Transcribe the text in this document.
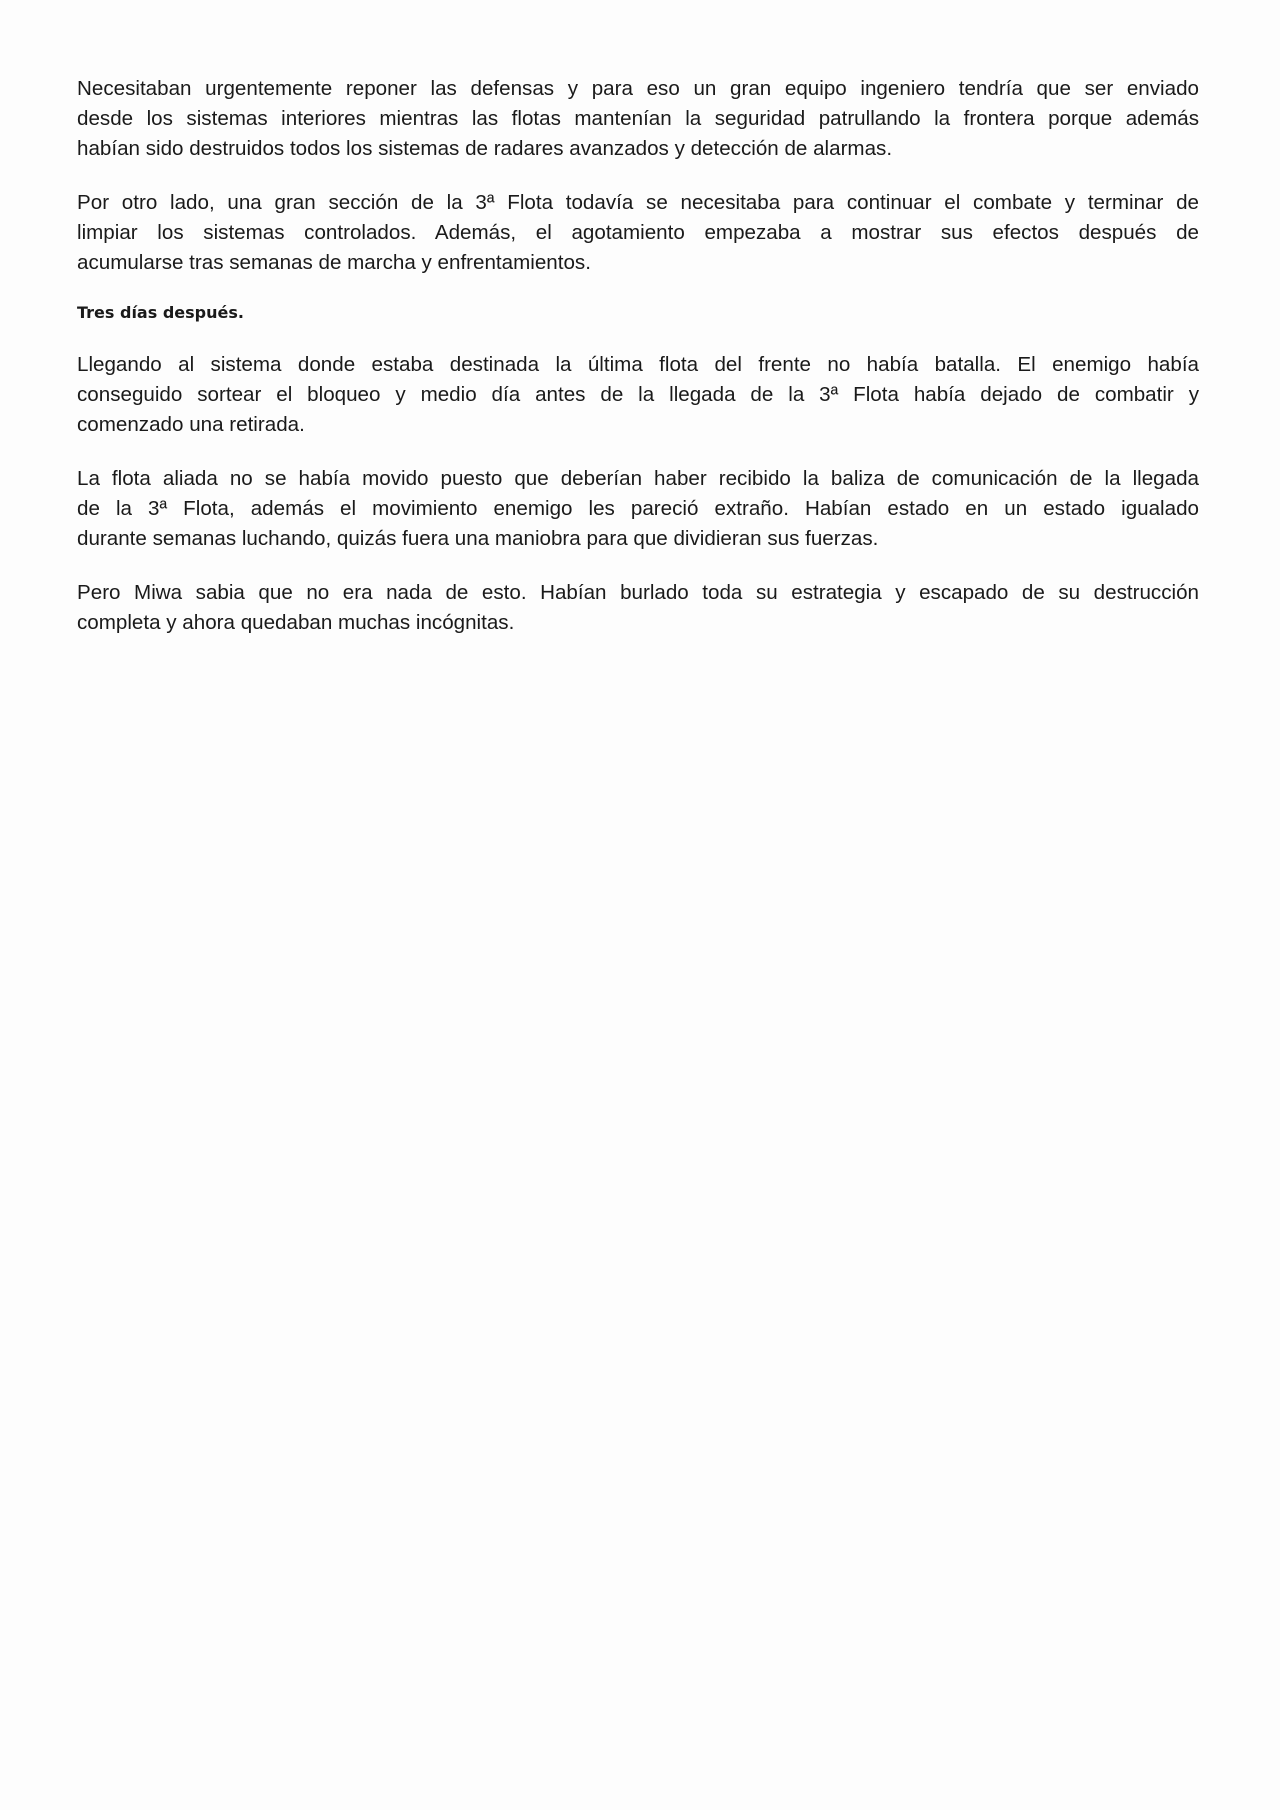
Necesitaban urgentemente reponer las defensas y para eso un gran equipo ingeniero tendría que ser enviado
desde los sistemas interiores mientras las flotas mantenían la seguridad patrullando la frontera porque además
habían sido destruidos todos los sistemas de radares avanzados y detección de alarmas.

Por otro lado, una gran sección de la 3ª Flota todavía se necesitaba para continuar el combate y terminar de
limpiar los sistemas controlados. Además, el agotamiento empezaba a mostrar sus efectos después de
acumularse tras semanas de marcha y enfrentamientos.

Tres días después.

Llegando al sistema donde estaba destinada la última flota del frente no había batalla. El enemigo había
conseguido sortear el bloqueo y medio día antes de la llegada de la 3ª Flota había dejado de combatir y
comenzado una retirada.

La flota aliada no se había movido puesto que deberían haber recibido la baliza de comunicación de la llegada
de la 3ª Flota, además el movimiento enemigo les pareció extraño. Habían estado en un estado igualado
durante semanas luchando, quizás fuera una maniobra para que dividieran sus fuerzas.

Pero Miwa sabia que no era nada de esto. Habían burlado toda su estrategia y escapado de su destrucción
completa y ahora quedaban muchas incógnitas.
